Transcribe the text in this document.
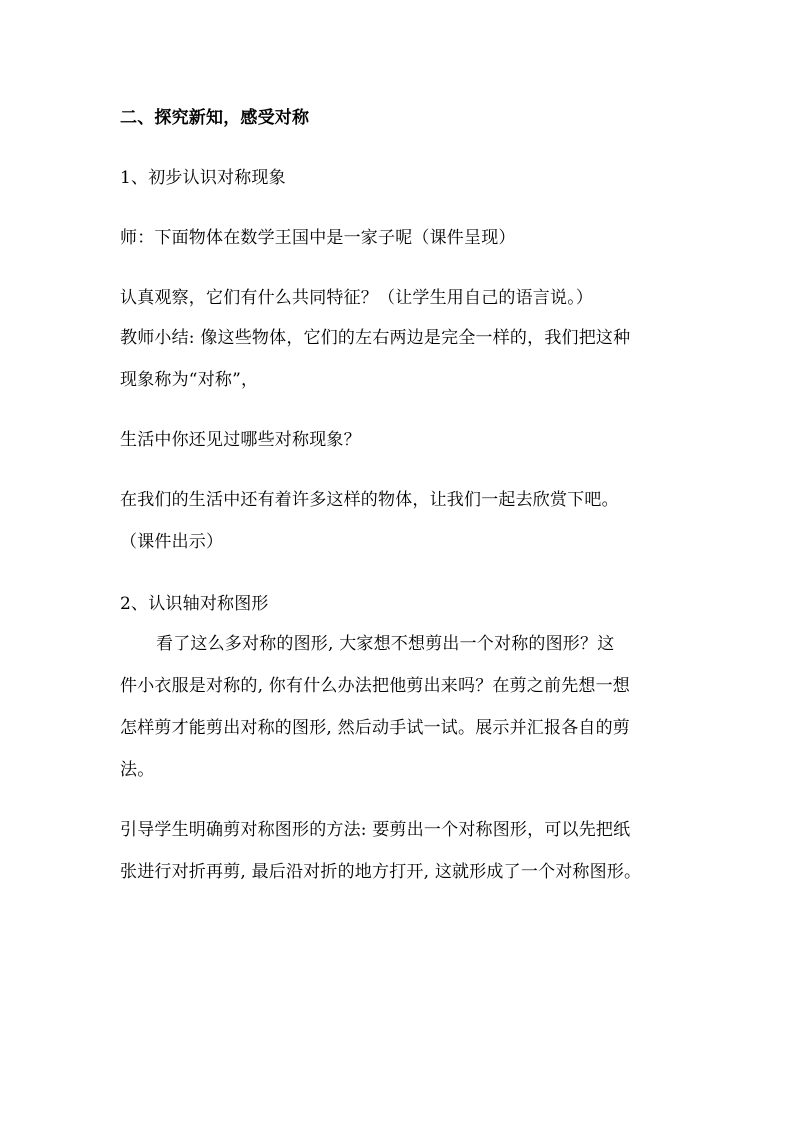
二、探究新知，感受对称
1、初步认识对称现象
师：下面物体在数学王国中是一家子呢（课件呈现）
认真观察，它们有什么共同特征？（让学生用自己的语言说。）
教师小结: 像这些物体，它们的左右两边是完全一样的，我们把这种
现象称为“对称”，
生活中你还见过哪些对称现象？
在我们的生活中还有着许多这样的物体，让我们一起去欣赏下吧。
（课件出示）
2、认识轴对称图形
看了这么多对称的图形, 大家想不想剪出一个对称的图形？这
件小衣服是对称的, 你有什么办法把他剪出来吗？在剪之前先想一想
怎样剪才能剪出对称的图形, 然后动手试一试。展示并汇报各自的剪
法。
引导学生明确剪对称图形的方法: 要剪出一个对称图形，可以先把纸
张进行对折再剪, 最后沿对折的地方打开, 这就形成了一个对称图形。
